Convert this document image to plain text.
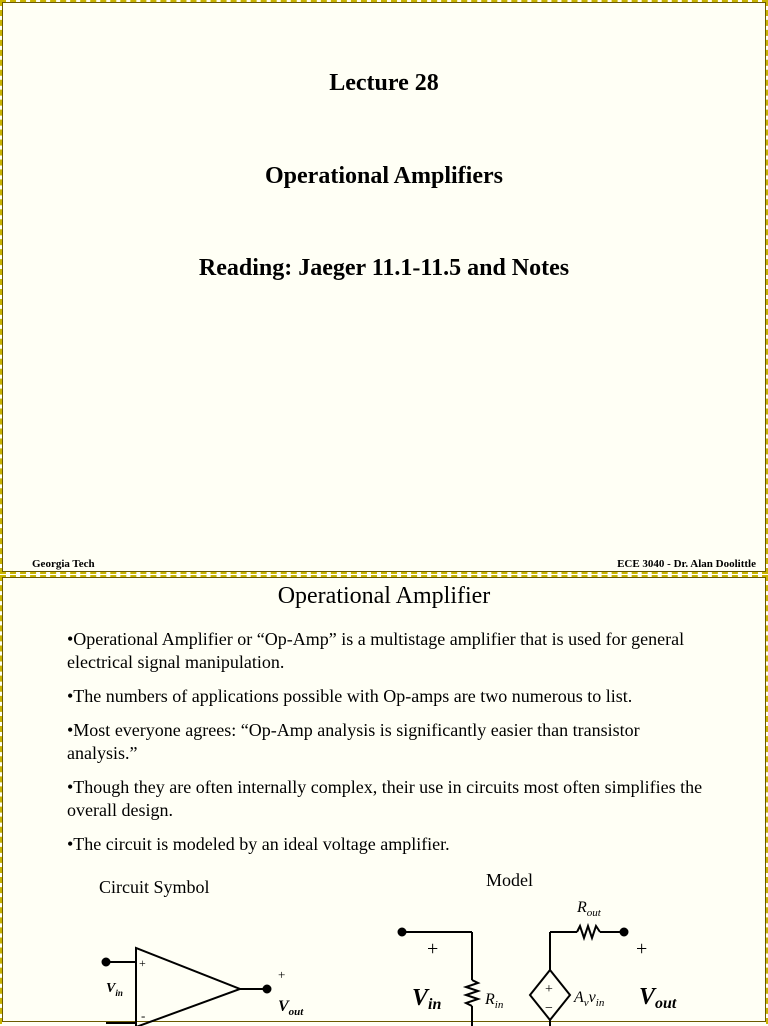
Lecture 28
Operational Amplifiers
Reading: Jaeger 11.1-11.5 and Notes
Georgia Tech	ECE 3040 - Dr. Alan Doolittle
Operational Amplifier

•Operational Amplifier or “Op-Amp” is a multistage amplifier that is used for general electrical signal manipulation.

•The numbers of applications possible with Op-amps are two numerous to list.

•Most everyone agrees: “Op-Amp analysis is significantly easier than transistor analysis.”

•Though they are often internally complex, their use in circuits most often simplifies the overall design.

•The circuit is modeled by an ideal voltage amplifier.

Circuit Symbol	Model
+
-
$V_{in}$
+
$V_{out}$
+
Vin	$R_{in}$
$R_{out}$
+
−
$A_vv_{in}$
+
Vout
